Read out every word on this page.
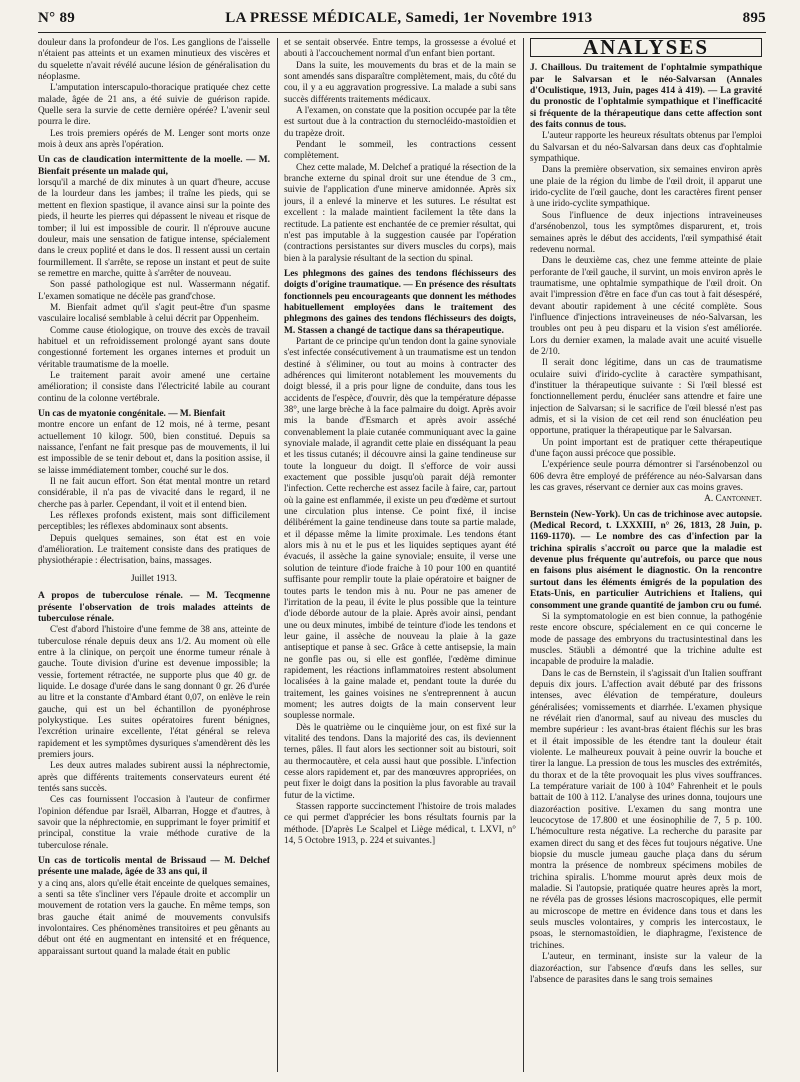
N° 89	LA PRESSE MÉDICALE, Samedi, 1er Novembre 1913	895

douleur dans la profondeur de l'os. Les ganglions de l'aisselle n'étaient pas atteints et un examen minutieux des viscères et du squelette n'avait révélé aucune lésion de généralisation du néoplasme.

L'amputation interscapulo-thoracique pratiquée chez cette malade, âgée de 21 ans, a été suivie de guérison rapide. Quelle sera la survie de cette dernière opérée? L'avenir seul pourra le dire.

Les trois premiers opérés de M. Lenger sont morts onze mois à deux ans après l'opération.

Un cas de claudication intermittente de la moelle. — M. Bienfait présente un malade qui,

lorsqu'il a marché de dix minutes à un quart d'heure, accuse de la lourdeur dans les jambes; il traîne les pieds, qui se mettent en flexion spastique, il avance ainsi sur la pointe des pieds, il heurte les pierres qui dépassent le niveau et risque de tomber; il lui est impossible de courir. Il n'éprouve aucune douleur, mais une sensation de fatigue intense, spécialement dans le creux poplité et dans le dos. Il ressent aussi un certain fourmillement. Il s'arrête, se repose un instant et peut de suite se remettre en marche, quitte à s'arrêter de nouveau.

Son passé pathologique est nul. Wassermann négatif. L'examen somatique ne décèle pas grand'chose.

M. Bienfait admet qu'il s'agit peut-être d'un spasme vasculaire localisé semblable à celui décrit par Oppenheim.

Comme cause étiologique, on trouve des excès de travail habituel et un refroidissement prolongé ayant sans doute congestionné fortement les organes internes et produit un véritable traumatisme de la moelle.

Le traitement parait avoir amené une certaine amélioration; il consiste dans l'électricité labile au courant continu de la colonne vertébrale.

Un cas de myatonie congénitale. — M. Bienfait

montre encore un enfant de 12 mois, né à terme, pesant actuellement 10 kilogr. 500, bien constitué. Depuis sa naissance, l'enfant ne fait presque pas de mouvements, il lui est impossible de se tenir debout et, dans la position assise, il se laisse immédiatement tomber, couché sur le dos.

Il ne fait aucun effort. Son état mental montre un retard considérable, il n'a pas de vivacité dans le regard, il ne cherche pas à parler. Cependant, il voit et il entend bien.

Les réflexes profonds existent, mais sont difficilement perceptibles; les réflexes abdominaux sont absents.

Depuis quelques semaines, son état est en voie d'amélioration. Le traitement consiste dans des pratiques de physiothérapie : électrisation, bains, massages.

Juillet 1913.

A propos de tuberculose rénale. — M. Tecqmenne présente l'observation de trois malades atteints de tuberculose rénale.

C'est d'abord l'histoire d'une femme de 38 ans, atteinte de tuberculose rénale depuis deux ans 1/2. Au moment où elle entre à la clinique, on perçoit une énorme tumeur rénale à gauche. Toute division d'urine est devenue impossible; la vessie, fortement rétractée, ne supporte plus que 40 gr. de liquide. Le dosage d'urée dans le sang donnant 0 gr. 26 d'urée au litre et la constante d'Ambard étant 0,07, on enlève le rein gauche, qui est un bel échantillon de pyonéphrose polykystique. Les suites opératoires furent bénignes, l'excrétion urinaire excellente, l'état général se releva rapidement et les symptômes dysuriques s'amendèrent dès les premiers jours.

Les deux autres malades subirent aussi la néphrectomie, après que différents traitements conservateurs eurent été tentés sans succès.

Ces cas fournissent l'occasion à l'auteur de confirmer l'opinion défendue par Israël, Albarran, Hogge et d'autres, à savoir que la néphrectomie, en supprimant le foyer primitif et principal, constitue la vraie méthode curative de la tuberculose rénale.

Un cas de torticolis mental de Brissaud — M. Delchef présente une malade, âgée de 33 ans qui, il

y a cinq ans, alors qu'elle était enceinte de quelques semaines, a senti sa tête s'incliner vers l'épaule droite et accomplir un mouvement de rotation vers la gauche. En même temps, son bras gauche était animé de mouvements convulsifs involontaires. Ces phénomènes transitoires et peu gênants au début ont été en augmentant en intensité et en fréquence, apparaissant surtout quand la malade était en public

et se sentait observée. Entre temps, la grossesse a évolué et abouti à l'accouchement normal d'un enfant bien portant.

Dans la suite, les mouvements du bras et de la main se sont amendés sans disparaître complètement, mais, du côté du cou, il y a eu aggravation progressive. La malade a subi sans succès différents traitements médicaux.

A l'examen, on constate que la position occupée par la tête est surtout due à la contraction du sternocléido-mastoïdien et du trapèze droit.

Pendant le sommeil, les contractions cessent complètement.

Chez cette malade, M. Delchef a pratiqué la résection de la branche externe du spinal droit sur une étendue de 3 cm., suivie de l'application d'une minerve amidonnée. Après six jours, il a enlevé la minerve et les sutures. Le résultat est excellent : la malade maintient facilement la tête dans la rectitude. La patiente est enchantée de ce premier résultat, qui n'est pas imputable à la suggestion causée par l'opération (contractions persistantes sur divers muscles du corps), mais bien à la paralysie résultant de la section du spinal.

Les phlegmons des gaines des tendons fléchisseurs des doigts d'origine traumatique. — En présence des résultats fonctionnels peu encourageants que donnent les méthodes habituellement employées dans le traitement des phlegmons des gaines des tendons fléchisseurs des doigts, M. Stassen a changé de tactique dans sa thérapeutique.

Partant de ce principe qu'un tendon dont la gaine synoviale s'est infectée consécutivement à un traumatisme est un tendon destiné à s'éliminer, ou tout au moins à contracter des adhérences qui limiteront notablement les mouvements du doigt blessé, il a pris pour ligne de conduite, dans tous les accidents de l'espèce, d'ouvrir, dès que la température dépasse 38°, une large brèche à la face palmaire du doigt. Après avoir mis la bande d'Esmarch et après avoir asséché convenablement la plaie cutanée communiquant avec la gaine synoviale malade, il agrandit cette plaie en disséquant la peau et les tissus cutanés; il découvre ainsi la gaine tendineuse sur toute la longueur du doigt. Il s'efforce de voir aussi exactement que possible jusqu'où parait déjà remonter l'infection. Cette recherche est assez facile à faire, car, partout où la gaine est enflammée, il existe un peu d'œdème et surtout une circulation plus intense. Ce point fixé, il incise délibérément la gaine tendineuse dans toute sa partie malade, et il dépasse même la limite proximale. Les tendons étant alors mis à nu et le pus et les liquides septiques ayant été évacués, il assèche la gaine synoviale; ensuite, il verse une solution de teinture d'iode fraiche à 10 pour 100 en quantité suffisante pour remplir toute la plaie opératoire et baigner de toutes parts le tendon mis à nu. Pour ne pas amener de l'irritation de la peau, il évite le plus possible que la teinture d'iode déborde autour de la plaie. Après avoir ainsi, pendant une ou deux minutes, imbibé de teinture d'iode les tendons et leur gaine, il assèche de nouveau la plaie à la gaze antiseptique et panse à sec. Grâce à cette antisepsie, la main ne gonfle pas ou, si elle est gonflée, l'œdème diminue rapidement, les réactions inflammatoires restent absolument localisées à la gaine malade et, pendant toute la durée du traitement, les gaines voisines ne s'entreprennent à aucun moment; les autres doigts de la main conservent leur souplesse normale.

Dès le quatrième ou le cinquième jour, on est fixé sur la vitalité des tendons. Dans la majorité des cas, ils deviennent ternes, pâles. Il faut alors les sectionner soit au bistouri, soit au thermocautère, et cela aussi haut que possible. L'infection cesse alors rapidement et, par des manœuvres appropriées, on peut fixer le doigt dans la position la plus favorable au travail futur de la victime.

Stassen rapporte succinctement l'histoire de trois malades ce qui permet d'apprécier les bons résultats fournis par la méthode. [D'après Le Scalpel et Liège médical, t. LXVI, n° 14, 5 Octobre 1913, p. 224 et suivantes.]

ANALYSES
J. Chaillous. Du traitement de l'ophtalmie sympathique par le Salvarsan et le néo-Salvarsan (Annales d'Oculistique, 1913, Juin, pages 414 à 419). — La gravité du pronostic de l'ophtalmie sympathique et l'inefficacité si fréquente de la thérapeutique dans cette affection sont des faits connus de tous.

L'auteur rapporte les heureux résultats obtenus par l'emploi du Salvarsan et du néo-Salvarsan dans deux cas d'ophtalmie sympathique.

Dans la première observation, six semaines environ après une plaie de la région du limbe de l'œil droit, il apparut une irido-cyclite de l'œil gauche, dont les caractères firent penser à une irido-cyclite sympathique.

Sous l'influence de deux injections intraveineuses d'arsénobenzol, tous les symptômes disparurent, et, trois semaines après le début des accidents, l'œil sympathisé était redevenu normal.

Dans le deuxième cas, chez une femme atteinte de plaie perforante de l'œil gauche, il survint, un mois environ après le traumatisme, une ophtalmie sympathique de l'œil droit. On avait l'impression d'être en face d'un cas tout à fait désespéré, devant aboutir rapidement à une cécité complète. Sous l'influence d'injections intraveineuses de néo-Salvarsan, les troubles ont peu à peu disparu et la vision s'est améliorée. Lors du dernier examen, la malade avait une acuité visuelle de 2/10.

Il serait donc légitime, dans un cas de traumatisme oculaire suivi d'irido-cyclite à caractère sympathisant, d'instituer la thérapeutique suivante : Si l'œil blessé est fonctionnellement perdu, énucléer sans attendre et faire une injection de Salvarsan; si le sacrifice de l'œil blessé n'est pas admis, et si la vision de cet œil rend son énucléation peu opportune, pratiquer la thérapeutique par le Salvarsan.

Un point important est de pratiquer cette thérapeutique d'une façon aussi précoce que possible.

L'expérience seule pourra démontrer si l'arsénobenzol ou 606 devra être employé de préférence au néo-Salvarsan dans les cas graves, réservant ce dernier aux cas moins graves.

A. Cantonnet.

Bernstein (New-York). Un cas de trichinose avec autopsie. (Medical Record, t. LXXXIII, n° 26, 1813, 28 Juin, p. 1169-1170). — Le nombre des cas d'infection par la trichina spiralis s'accroît ou parce que la maladie est devenue plus fréquente qu'autrefois, ou parce que nous en faisons plus aisément le diagnostic. On la rencontre surtout dans les éléments émigrés de la population des Etats-Unis, en particulier Autrichiens et Italiens, qui consomment une grande quantité de jambon cru ou fumé.

Si la symptomatologie en est bien connue, la pathogénie reste encore obscure, spécialement en ce qui concerne le mode de passage des embryons du tractusintestinal dans les muscles. Stäubli a démontré que la trichine adulte est incapable de produire la maladie.

Dans le cas de Bernstein, il s'agissait d'un Italien souffrant depuis dix jours. L'affection avait débuté par des frissons intenses, avec élévation de température, douleurs généralisées; vomissements et diarrhée. L'examen physique ne révélait rien d'anormal, sauf au niveau des muscles du membre supérieur : les avant-bras étaient fléchis sur les bras et il était impossible de les étendre tant la douleur était violente. Le malheureux pouvait à peine ouvrir la bouche et tirer la langue. La pression de tous les muscles des extrémités, du thorax et de la tête provoquait les plus vives souffrances. La température variait de 100 à 104° Fahrenheit et le pouls battait de 100 à 112. L'analyse des urines donna, toujours une diazoréaction positive. L'examen du sang montra une leucocytose de 17.800 et une éosinophilie de 7, 5 p. 100. L'hémoculture resta négative. La recherche du parasite par examen direct du sang et des fèces fut toujours négative. Une biopsie du muscle jumeau gauche plaça dans du sérum montra la présence de nombreux spécimens mobiles de trichina spiralis. L'homme mourut après deux mois de maladie. Si l'autopsie, pratiquée quatre heures après la mort, ne révéla pas de grosses lésions macroscopiques, elle permit au microscope de mettre en évidence dans tous et dans les seuls muscles volontaires, y compris les intercostaux, le psoas, le sternomastoïdien, le diaphragme, l'existence de trichines.

L'auteur, en terminant, insiste sur la valeur de la diazoréaction, sur l'absence d'œufs dans les selles, sur l'absence de parasites dans le sang trois semaines
